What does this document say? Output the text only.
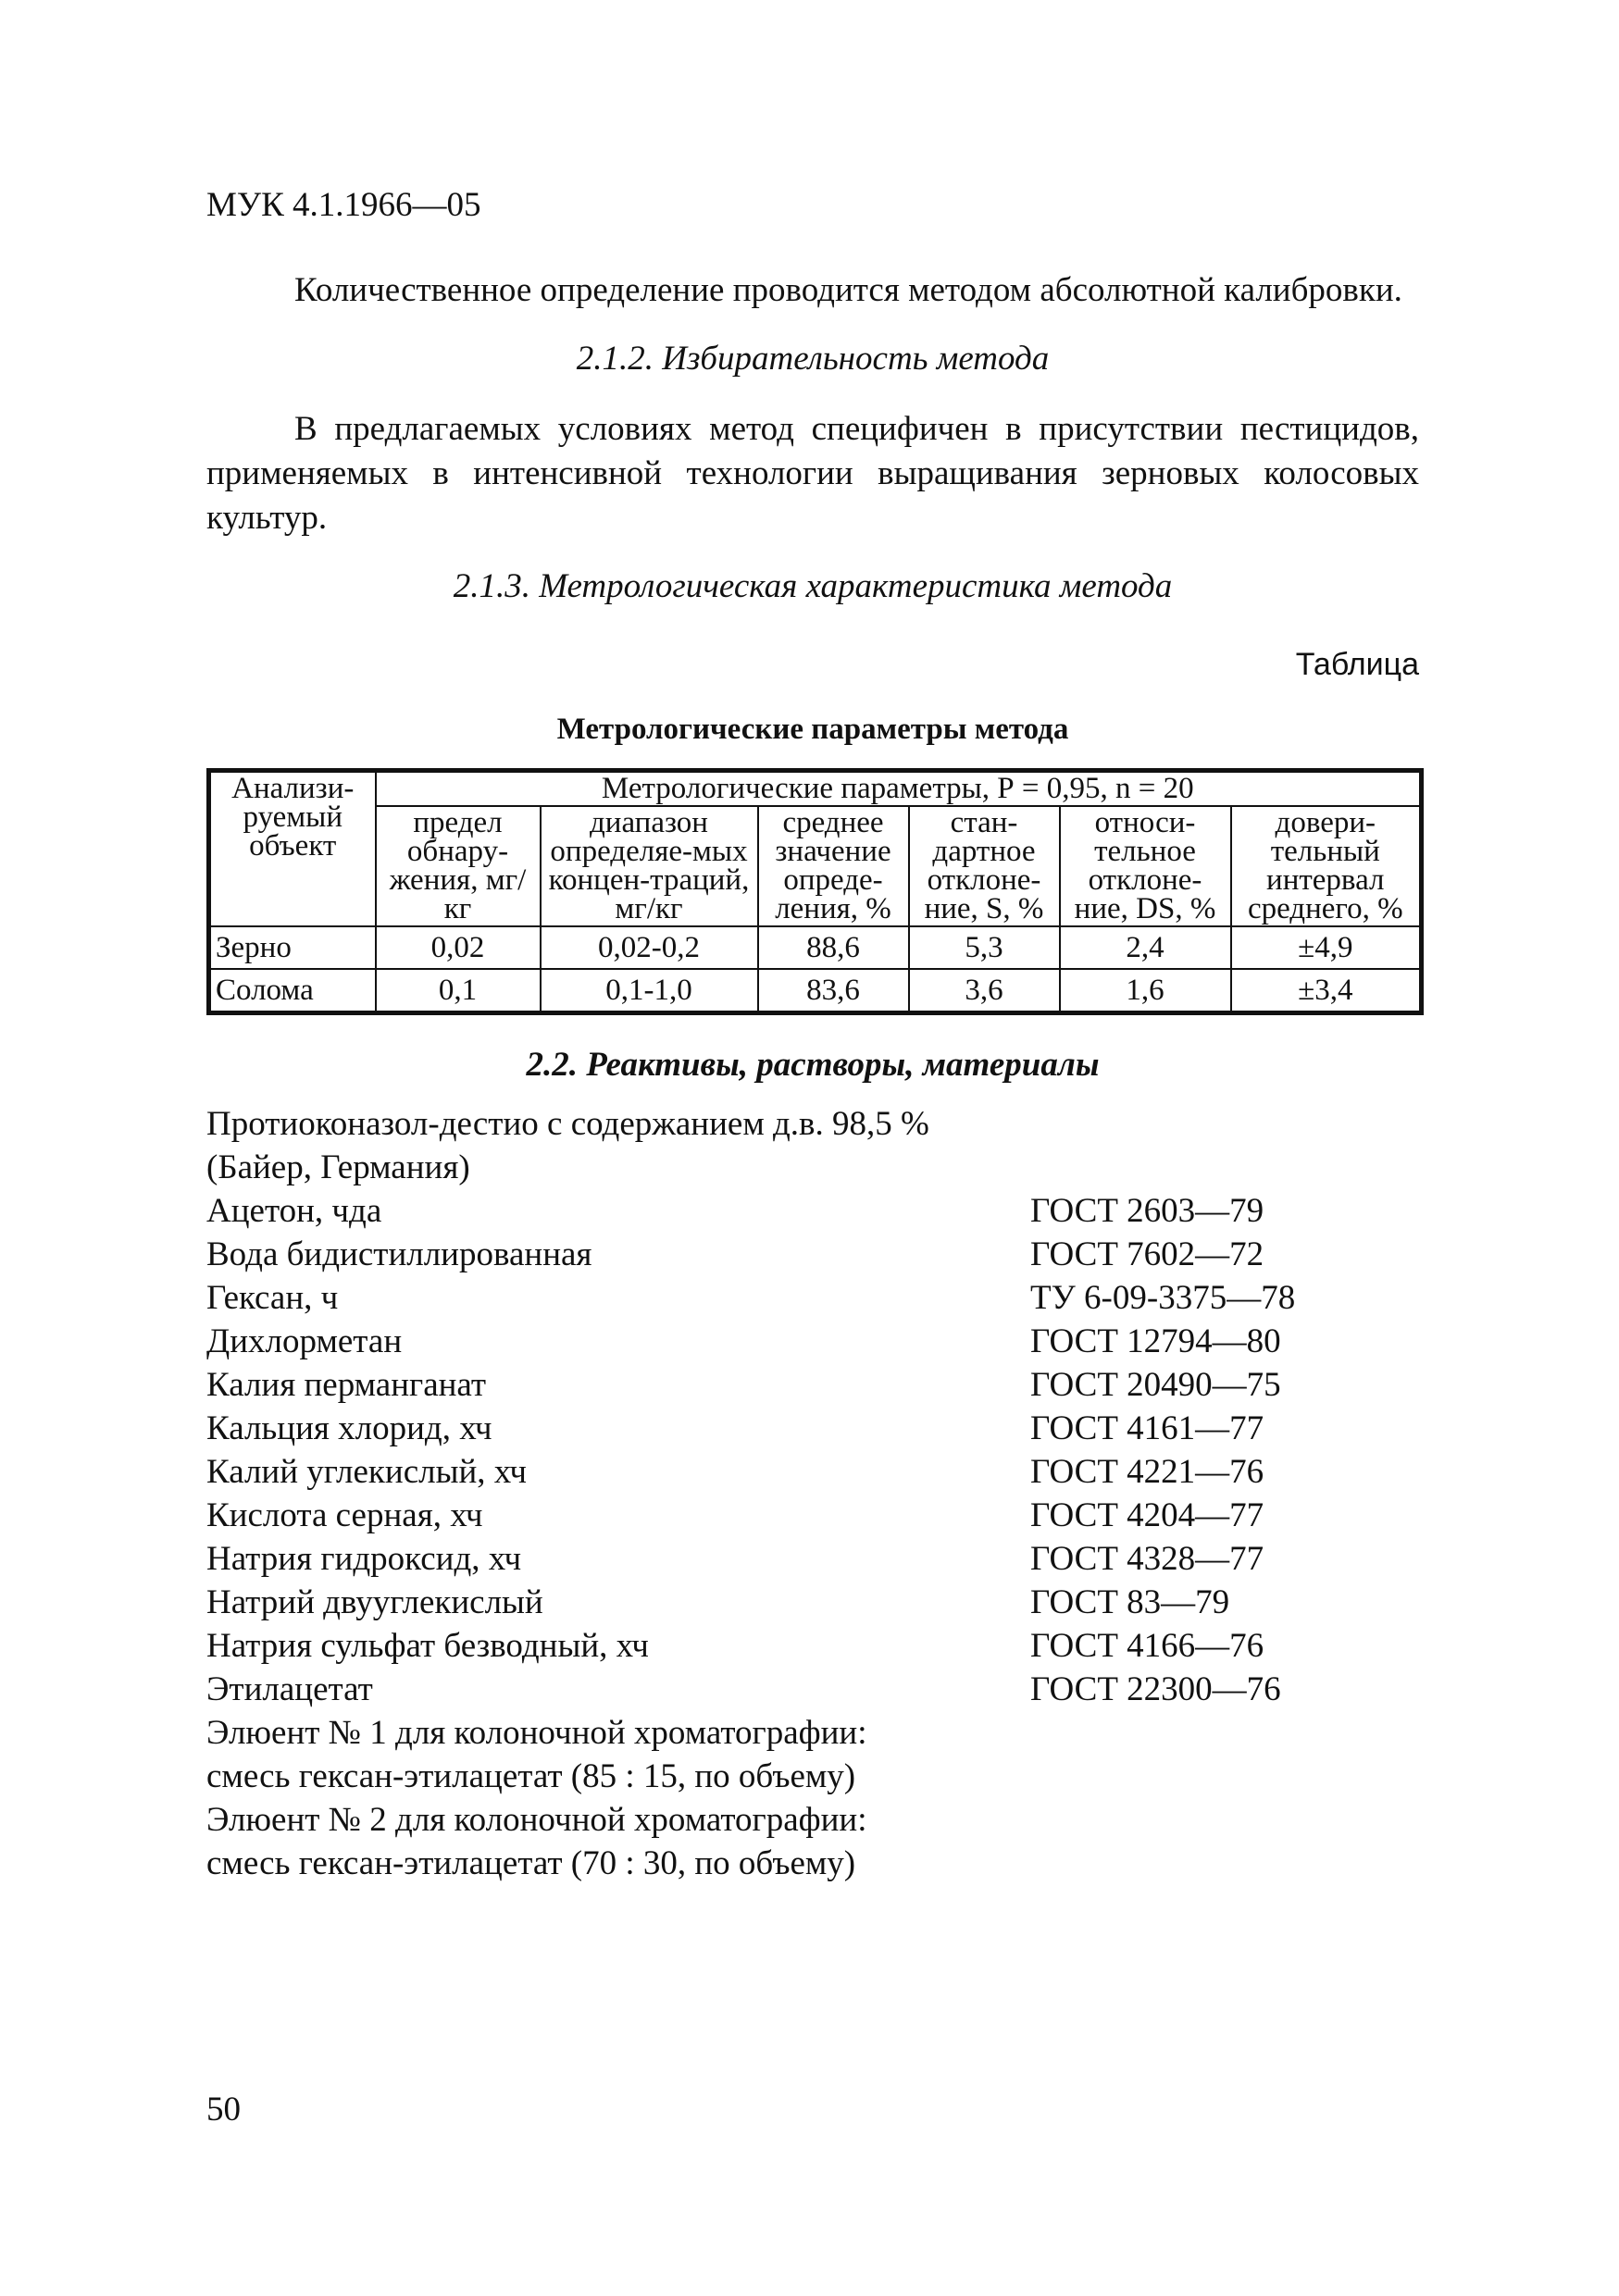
МУК 4.1.1966—05

Количественное определение проводится методом абсолютной калибровки.

2.1.2. Избирательность метода

В предлагаемых условиях метод специфичен в присутствии пестицидов, применяемых в интенсивной технологии выращивания зерновых колосовых культур.

2.1.3. Метрологическая характеристика метода
Таблица
Метрологические параметры метода
Анализи-руемый объект	Метрологические параметры, Р = 0,95, n = 20					
	предел обнару-жения, мг/кг	диапазон определяе-мых концен-траций, мг/кг	среднее значение опреде-ления, %	стан-дартное отклоне-ние, S, %	относи-тельное отклоне-ние, DS, %	довери-тельный интервал среднего, %
Зерно	0,02	0,02-0,2	88,6	5,3	2,4	±4,9
Солома	0,1	0,1-1,0	83,6	3,6	1,6	±3,4
2.2. Реактивы, растворы, материалы
Протиоконазол-дестио с содержанием д.в. 98,5 %
(Байер, Германия)
Ацетон, чда	ГОСТ 2603—79
Вода бидистиллированная	ГОСТ 7602—72
Гексан, ч	ТУ 6-09-3375—78
Дихлорметан	ГОСТ 12794—80
Калия перманганат	ГОСТ 20490—75
Кальция хлорид, хч	ГОСТ 4161—77
Калий углекислый, хч	ГОСТ 4221—76
Кислота серная, хч	ГОСТ 4204—77
Натрия гидроксид, хч	ГОСТ 4328—77
Натрий двууглекислый	ГОСТ 83—79
Натрия сульфат безводный, хч	ГОСТ 4166—76
Этилацетат	ГОСТ 22300—76
Элюент № 1 для колоночной хроматографии:
смесь гексан-этилацетат (85 : 15, по объему)
Элюент № 2 для колоночной хроматографии:
смесь гексан-этилацетат (70 : 30, по объему)
50
